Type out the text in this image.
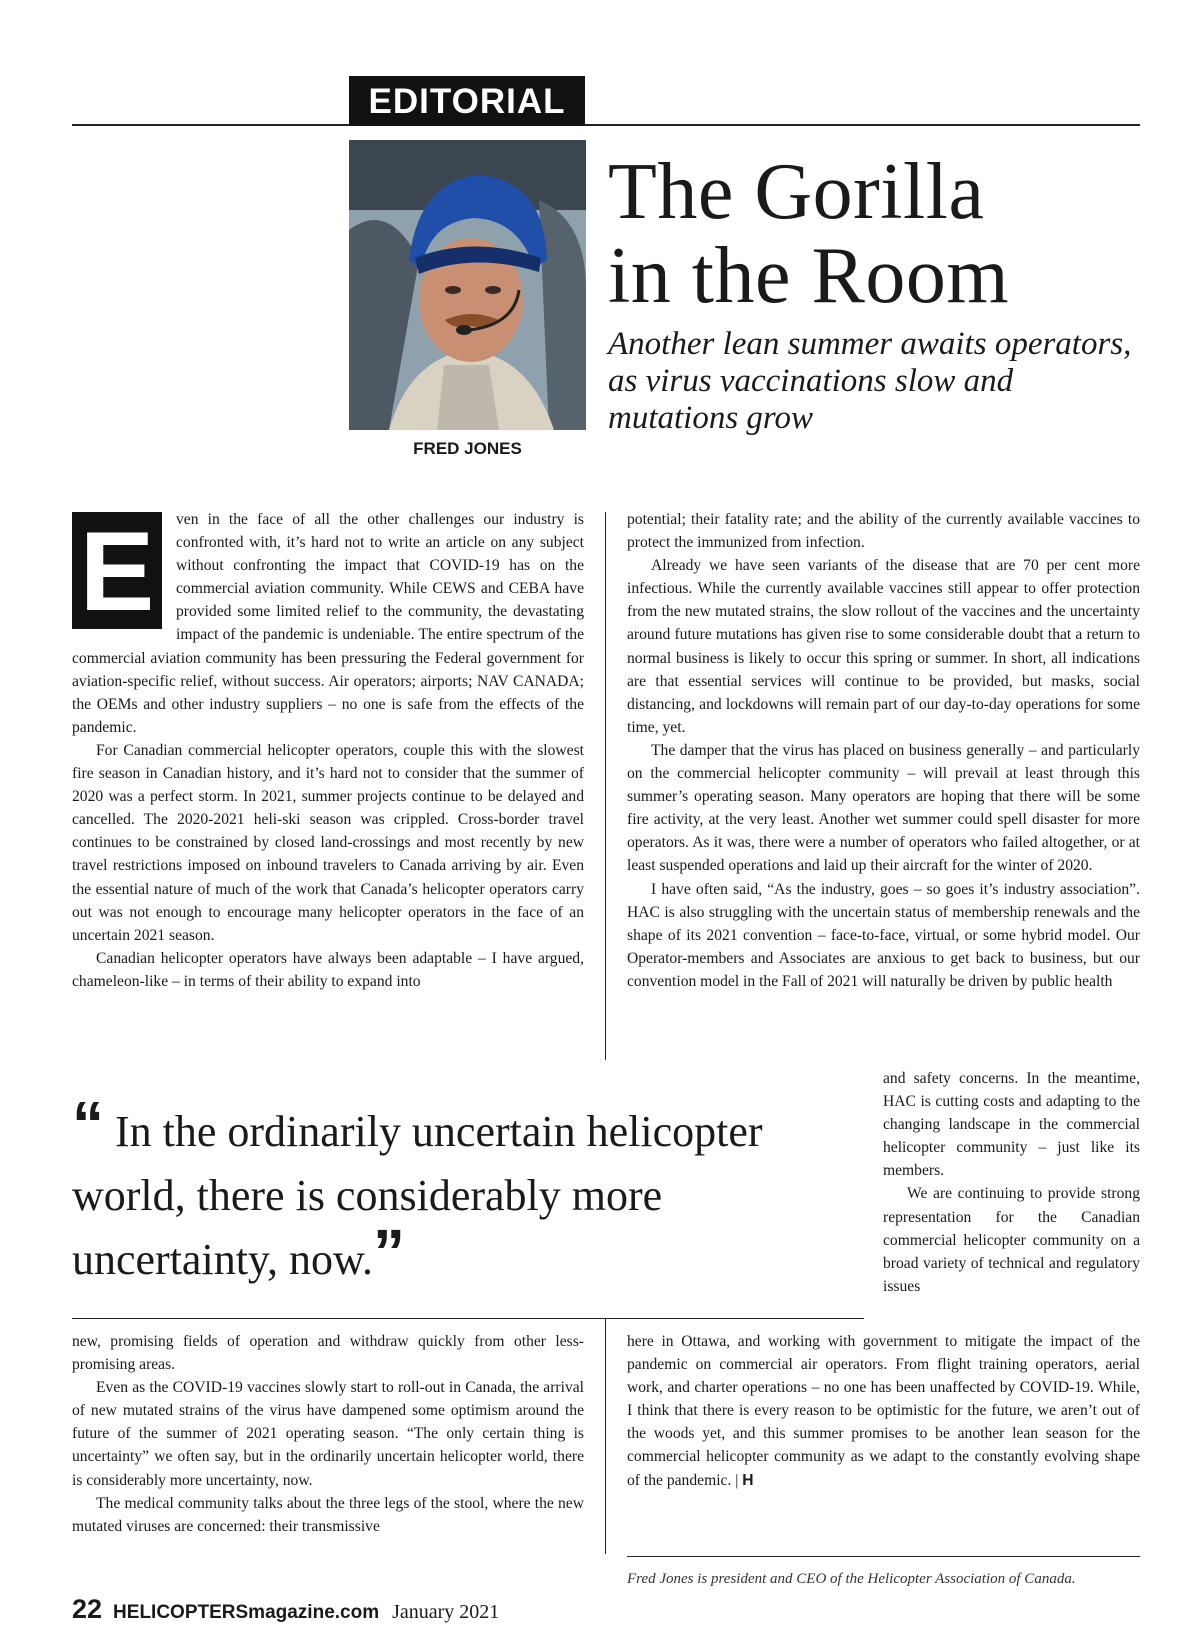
EDITORIAL
FRED JONES
The Gorilla
in the Room

Another lean summer awaits operators, as virus vaccinations slow and mutations grow

E	ven in the face of all the other challenges our industry is confronted with, it’s hard not to write an article on any subject without confronting the impact that COVID-19 has on the commercial aviation community. While CEWS and CEBA have provided some limited relief to the community, the devastating impact of the pandemic is undeniable. The entire spectrum of the commercial aviation community has been pressuring the Federal government for aviation-specific relief, without success. Air operators; airports; NAV CANADA; the OEMs and other industry suppliers – no one is safe from the effects of the pandemic.

For Canadian commercial helicopter operators, couple this with the slowest fire season in Canadian history, and it’s hard not to consider that the summer of 2020 was a perfect storm. In 2021, summer projects continue to be delayed and cancelled. The 2020-2021 heli-ski season was crippled. Cross-border travel continues to be constrained by closed land-crossings and most recently by new travel restrictions imposed on inbound travelers to Canada arriving by air. Even the essential nature of much of the work that Canada’s helicopter operators carry out was not enough to encourage many helicopter operators in the face of an uncertain 2021 season.

Canadian helicopter operators have always been adaptable – I have argued, chameleon-like – in terms of their ability to expand into

potential; their fatality rate; and the ability of the currently available vaccines to protect the immunized from infection.

Already we have seen variants of the disease that are 70 per cent more infectious. While the currently available vaccines still appear to offer protection from the new mutated strains, the slow rollout of the vaccines and the uncertainty around future mutations has given rise to some considerable doubt that a return to normal business is likely to occur this spring or summer. In short, all indications are that essential services will continue to be provided, but masks, social distancing, and lockdowns will remain part of our day-to-day operations for some time, yet.

The damper that the virus has placed on business generally – and particularly on the commercial helicopter community – will prevail at least through this summer’s operating season. Many operators are hoping that there will be some fire activity, at the very least. Another wet summer could spell disaster for more operators. As it was, there were a number of operators who failed altogether, or at least suspended operations and laid up their aircraft for the winter of 2020.

I have often said, “As the industry, goes – so goes it’s industry association”. HAC is also struggling with the uncertain status of membership renewals and the shape of its 2021 convention – face-to-face, virtual, or some hybrid model. Our Operator-members and Associates are anxious to get back to business, but our convention model in the Fall of 2021 will naturally be driven by public health

and safety concerns. In the meantime, HAC is cutting costs and adapting to the changing landscape in the commercial helicopter community – just like its members.

We are continuing to provide strong representation for the Canadian commercial helicopter community on a broad variety of technical and regulatory issues

“ In the ordinarily uncertain helicopter world, there is considerably more uncertainty, now.”

new, promising fields of operation and withdraw quickly from other less-promising areas.

Even as the COVID-19 vaccines slowly start to roll-out in Canada, the arrival of new mutated strains of the virus have dampened some optimism around the future of the summer of 2021 operating season. “The only certain thing is uncertainty” we often say, but in the ordinarily uncertain helicopter world, there is considerably more uncertainty, now.

The medical community talks about the three legs of the stool, where the new mutated viruses are concerned: their transmissive

here in Ottawa, and working with government to mitigate the impact of the pandemic on commercial air operators. From flight training operators, aerial work, and charter operations – no one has been unaffected by COVID-19. While, I think that there is every reason to be optimistic for the future, we aren’t out of the woods yet, and this summer promises to be another lean season for the commercial helicopter community as we adapt to the constantly evolving shape of the pandemic. | H

Fred Jones is president and CEO of the Helicopter Association of Canada.
22 HELICOPTERSmagazine.com January 2021
